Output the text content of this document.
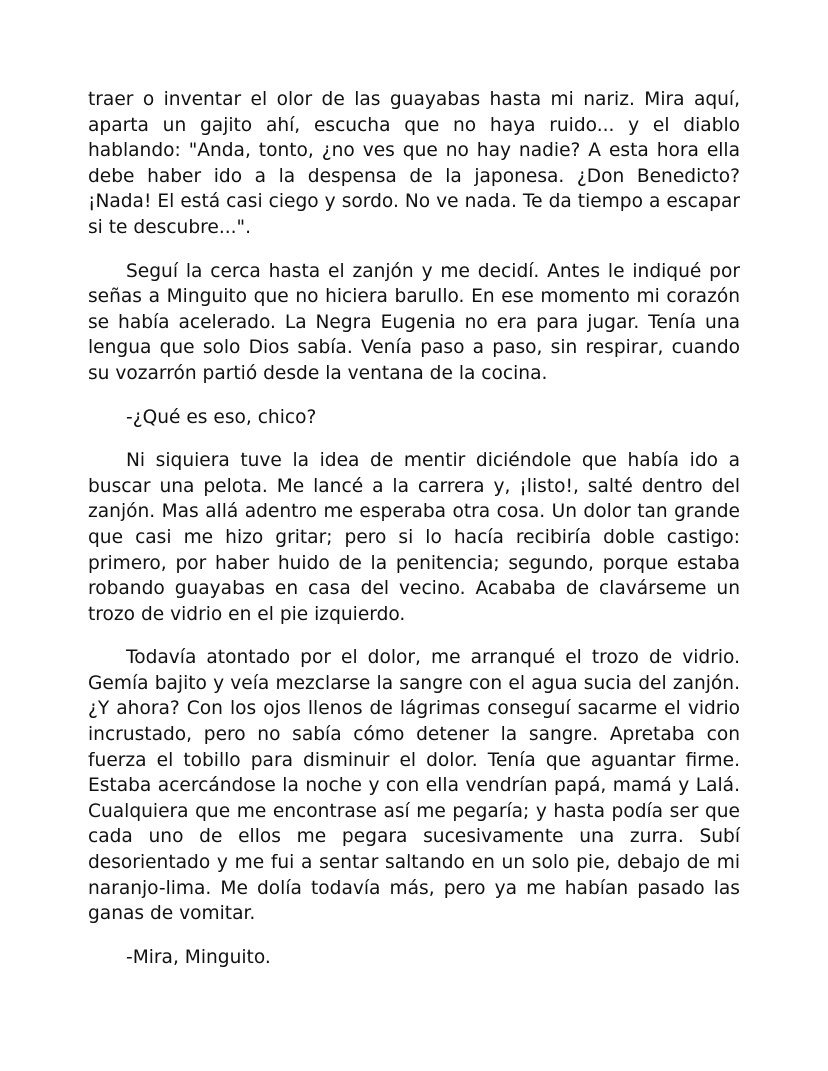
traer o inventar el olor de las guayabas hasta mi nariz. Mira aquí, aparta un gajito ahí, escucha que no haya ruido... y el diablo hablando: "Anda, tonto, ¿no ves que no hay nadie? A esta hora ella debe haber ido a la despensa de la japonesa. ¿Don Benedicto? ¡Nada! El está casi ciego y sordo. No ve nada. Te da tiempo a escapar si te descubre...".

Seguí la cerca hasta el zanjón y me decidí. Antes le indiqué por señas a Minguito que no hiciera barullo. En ese momento mi corazón se había acelerado. La Negra Eugenia no era para jugar. Tenía una lengua que solo Dios sabía. Venía paso a paso, sin respirar, cuando su vozarrón partió desde la ventana de la cocina.

-¿Qué es eso, chico?

Ni siquiera tuve la idea de mentir diciéndole que había ido a buscar una pelota. Me lancé a la carrera y, ¡listo!, salté dentro del zanjón. Mas allá adentro me esperaba otra cosa. Un dolor tan grande que casi me hizo gritar; pero si lo hacía recibiría doble castigo: primero, por haber huido de la penitencia; segundo, porque estaba robando guayabas en casa del vecino. Acababa de clavárseme un trozo de vidrio en el pie izquierdo.

Todavía atontado por el dolor, me arranqué el trozo de vidrio. Gemía bajito y veía mezclarse la sangre con el agua sucia del zanjón. ¿Y ahora? Con los ojos llenos de lágrimas conseguí sacarme el vidrio incrustado, pero no sabía cómo detener la sangre. Apretaba con fuerza el tobillo para disminuir el dolor. Tenía que aguantar firme. Estaba acercándose la noche y con ella vendrían papá, mamá y Lalá. Cualquiera que me encontrase así me pegaría; y hasta podía ser que cada uno de ellos me pegara sucesivamente una zurra. Subí desorientado y me fui a sentar saltando en un solo pie, debajo de mi naranjo-lima. Me dolía todavía más, pero ya me habían pasado las ganas de vomitar.

-Mira, Minguito.
